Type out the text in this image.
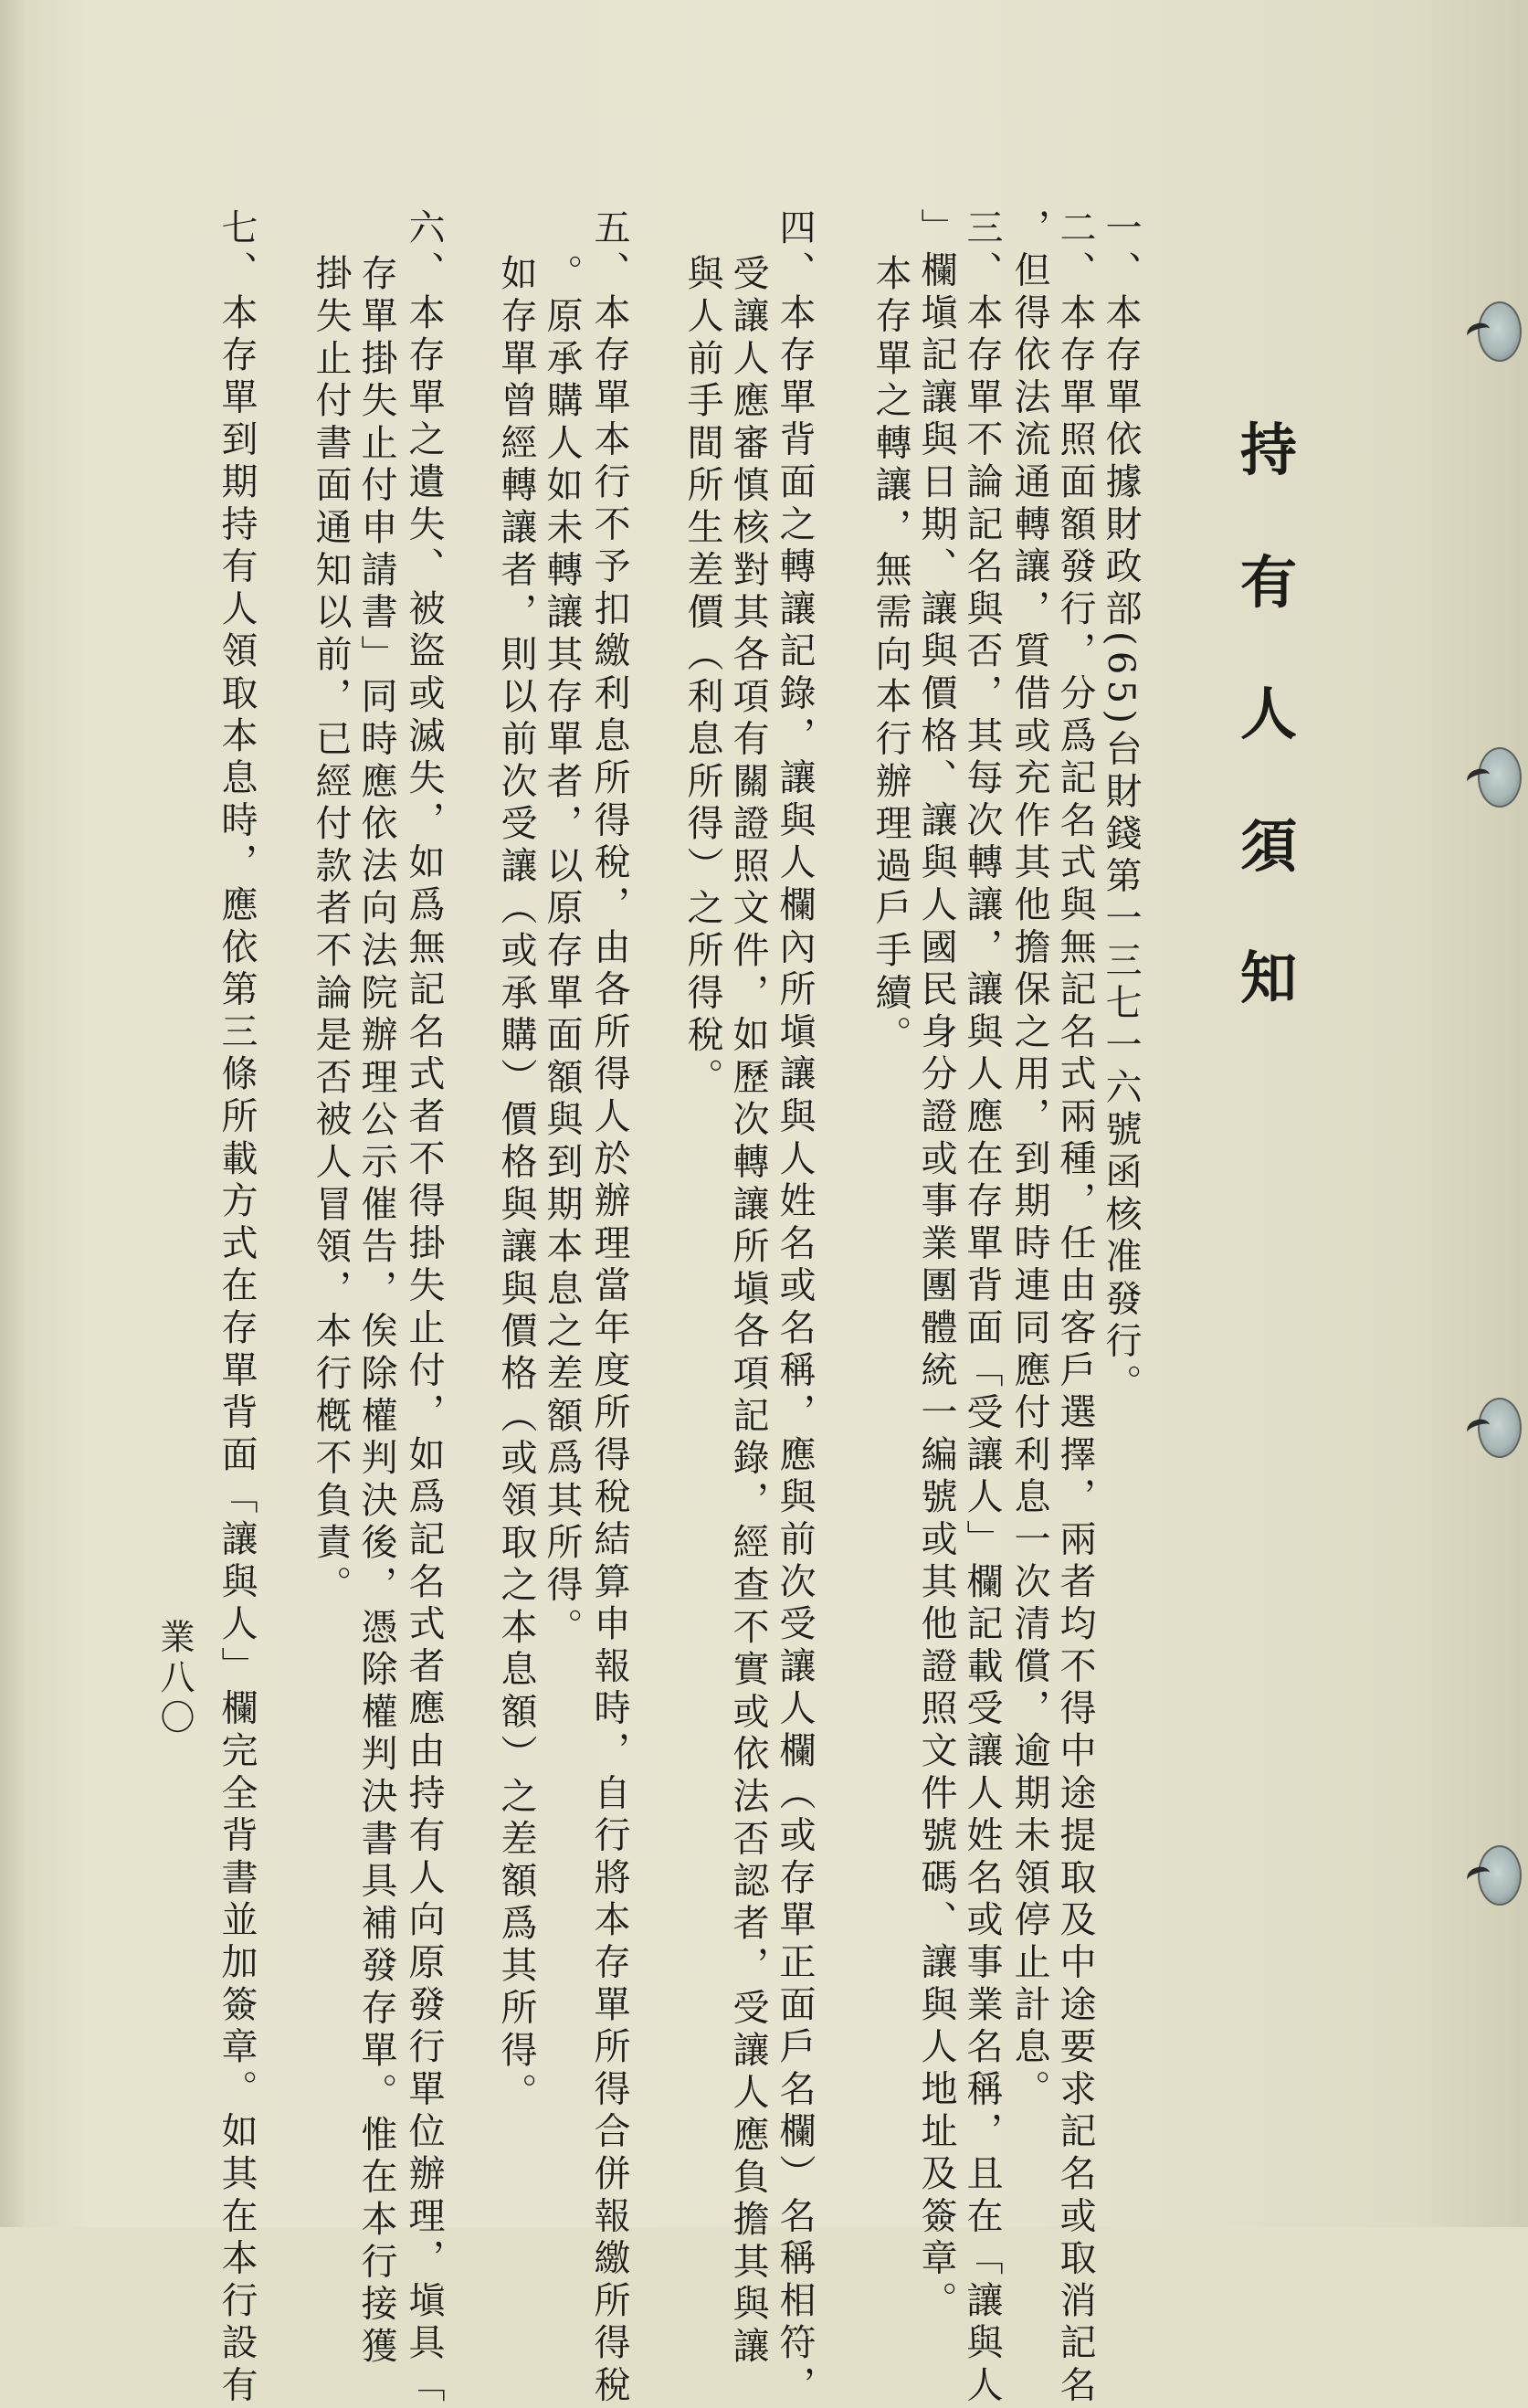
持
有
人
須
知
一、本存單依據財政部(65)台財錢第一三七一六號函核准發行。
二、本存單照面額發行，分爲記名式與無記名式兩種，任由客戶選擇，兩者均不得中途提取及中途要求記名或取消記名
，但得依法流通轉讓，質借或充作其他擔保之用，到期時連同應付利息一次清償，逾期未領停止計息。
三、本存單不論記名與否，其每次轉讓，讓與人應在存單背面「受讓人」欄記載受讓人姓名或事業名稱，且在「讓與人
」欄塡記讓與日期、讓與價格、讓與人國民身分證或事業團體統一編號或其他證照文件號碼、讓與人地址及簽章。
本存單之轉讓，無需向本行辦理過戶手續。
四、本存單背面之轉讓記錄，讓與人欄內所塡讓與人姓名或名稱，應與前次受讓人欄（或存單正面戶名欄）名稱相符，
受讓人應審慎核對其各項有關證照文件，如歷次轉讓所塡各項記錄，經查不實或依法否認者，受讓人應負擔其與讓
與人前手間所生差價（利息所得）之所得稅。
五、本存單本行不予扣繳利息所得稅，由各所得人於辦理當年度所得稅結算申報時，自行將本存單所得合併報繳所得稅
。原承購人如未轉讓其存單者，以原存單面額與到期本息之差額爲其所得。
如存單曾經轉讓者，則以前次受讓（或承購）價格與讓與價格（或領取之本息額）之差額爲其所得。
六、本存單之遺失、被盜或滅失，如爲無記名式者不得掛失止付，如爲記名式者應由持有人向原發行單位辦理，塡具「
存單掛失止付申請書」同時應依法向法院辦理公示催告，俟除權判決後，憑除權判決書具補發存單。惟在本行接獲
掛失止付書面通知以前，已經付款者不論是否被人冒領，本行槪不負責。
七、本存單到期持有人領取本息時，應依第三條所載方式在存單背面「讓與人」欄完全背書並加簽章。如其在本行設有
業八〇
